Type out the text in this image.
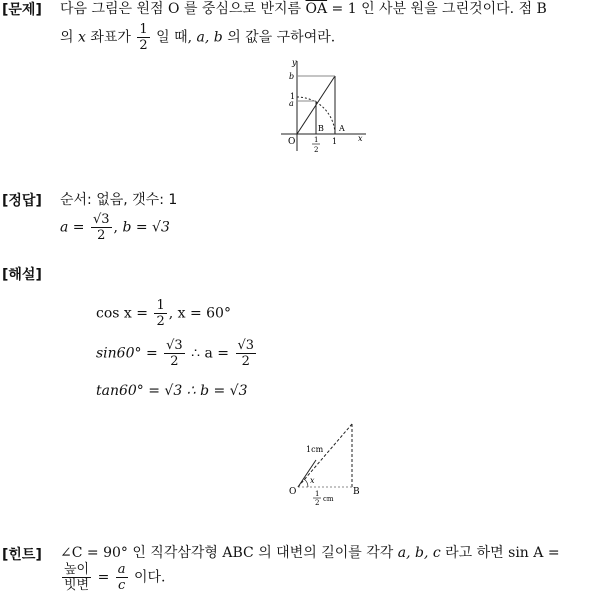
[문제] 다음 그림은 원점 O 를 중심으로 반지름 $\overline{OA} = 1$ 인 사분 원을 그린것이다. 점 B
의 x 좌표가 $\frac{1}{2}$ 일 때, a, b 의 값을 구하여라.
y
b
1
a
B A
O	x
1
1
2
[정답] 순서: 없음, 갯수: 1
$a = \frac{√3}{2}$ , b = √3
[해설]
$\cos x = \frac{1}{2}$ , x = 60°
$\sin 60^\circ = \frac{√3}{2}$ ∴ $a = \frac{√3}{2}$
tan60° = √3 ∴ b = √3
1cm
x
O	B
1
2 cm
[힌트] ∠C = 90° 인 직각삼각형 ABC 의 대변의 길이를 각각 a, b, c 라고 하면 sin A =
$\frac{\text{높이}}{\text{빗변}} = \frac{a}{c}$ 이다.
